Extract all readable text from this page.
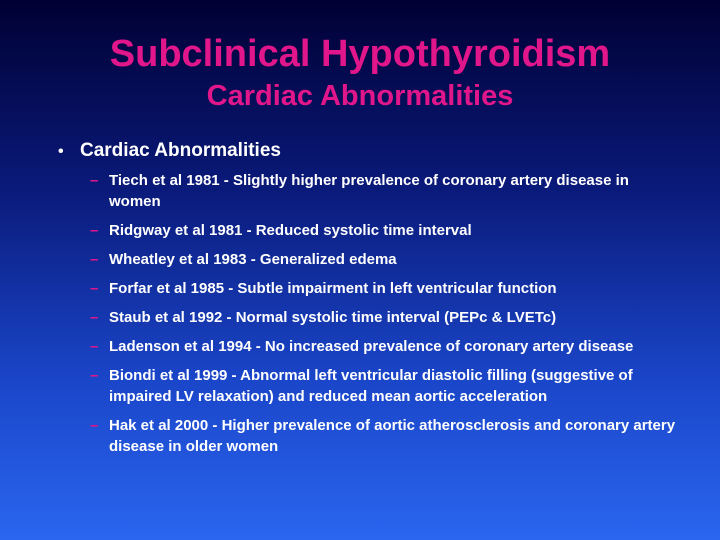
Subclinical Hypothyroidism
Cardiac Abnormalities
• Cardiac Abnormalities
– Tiech et al 1981 - Slightly higher prevalence of coronary artery disease in women
– Ridgway et al 1981 - Reduced systolic time interval
– Wheatley et al 1983 - Generalized edema
– Forfar et al 1985 - Subtle impairment in left ventricular function
– Staub et al 1992 - Normal systolic time interval (PEPc & LVETc)
– Ladenson et al 1994 - No increased prevalence of coronary artery disease
– Biondi et al 1999 - Abnormal left ventricular diastolic filling (suggestive of impaired LV relaxation) and reduced mean aortic acceleration
– Hak et al 2000 - Higher prevalence of aortic atherosclerosis and coronary artery disease in older women
